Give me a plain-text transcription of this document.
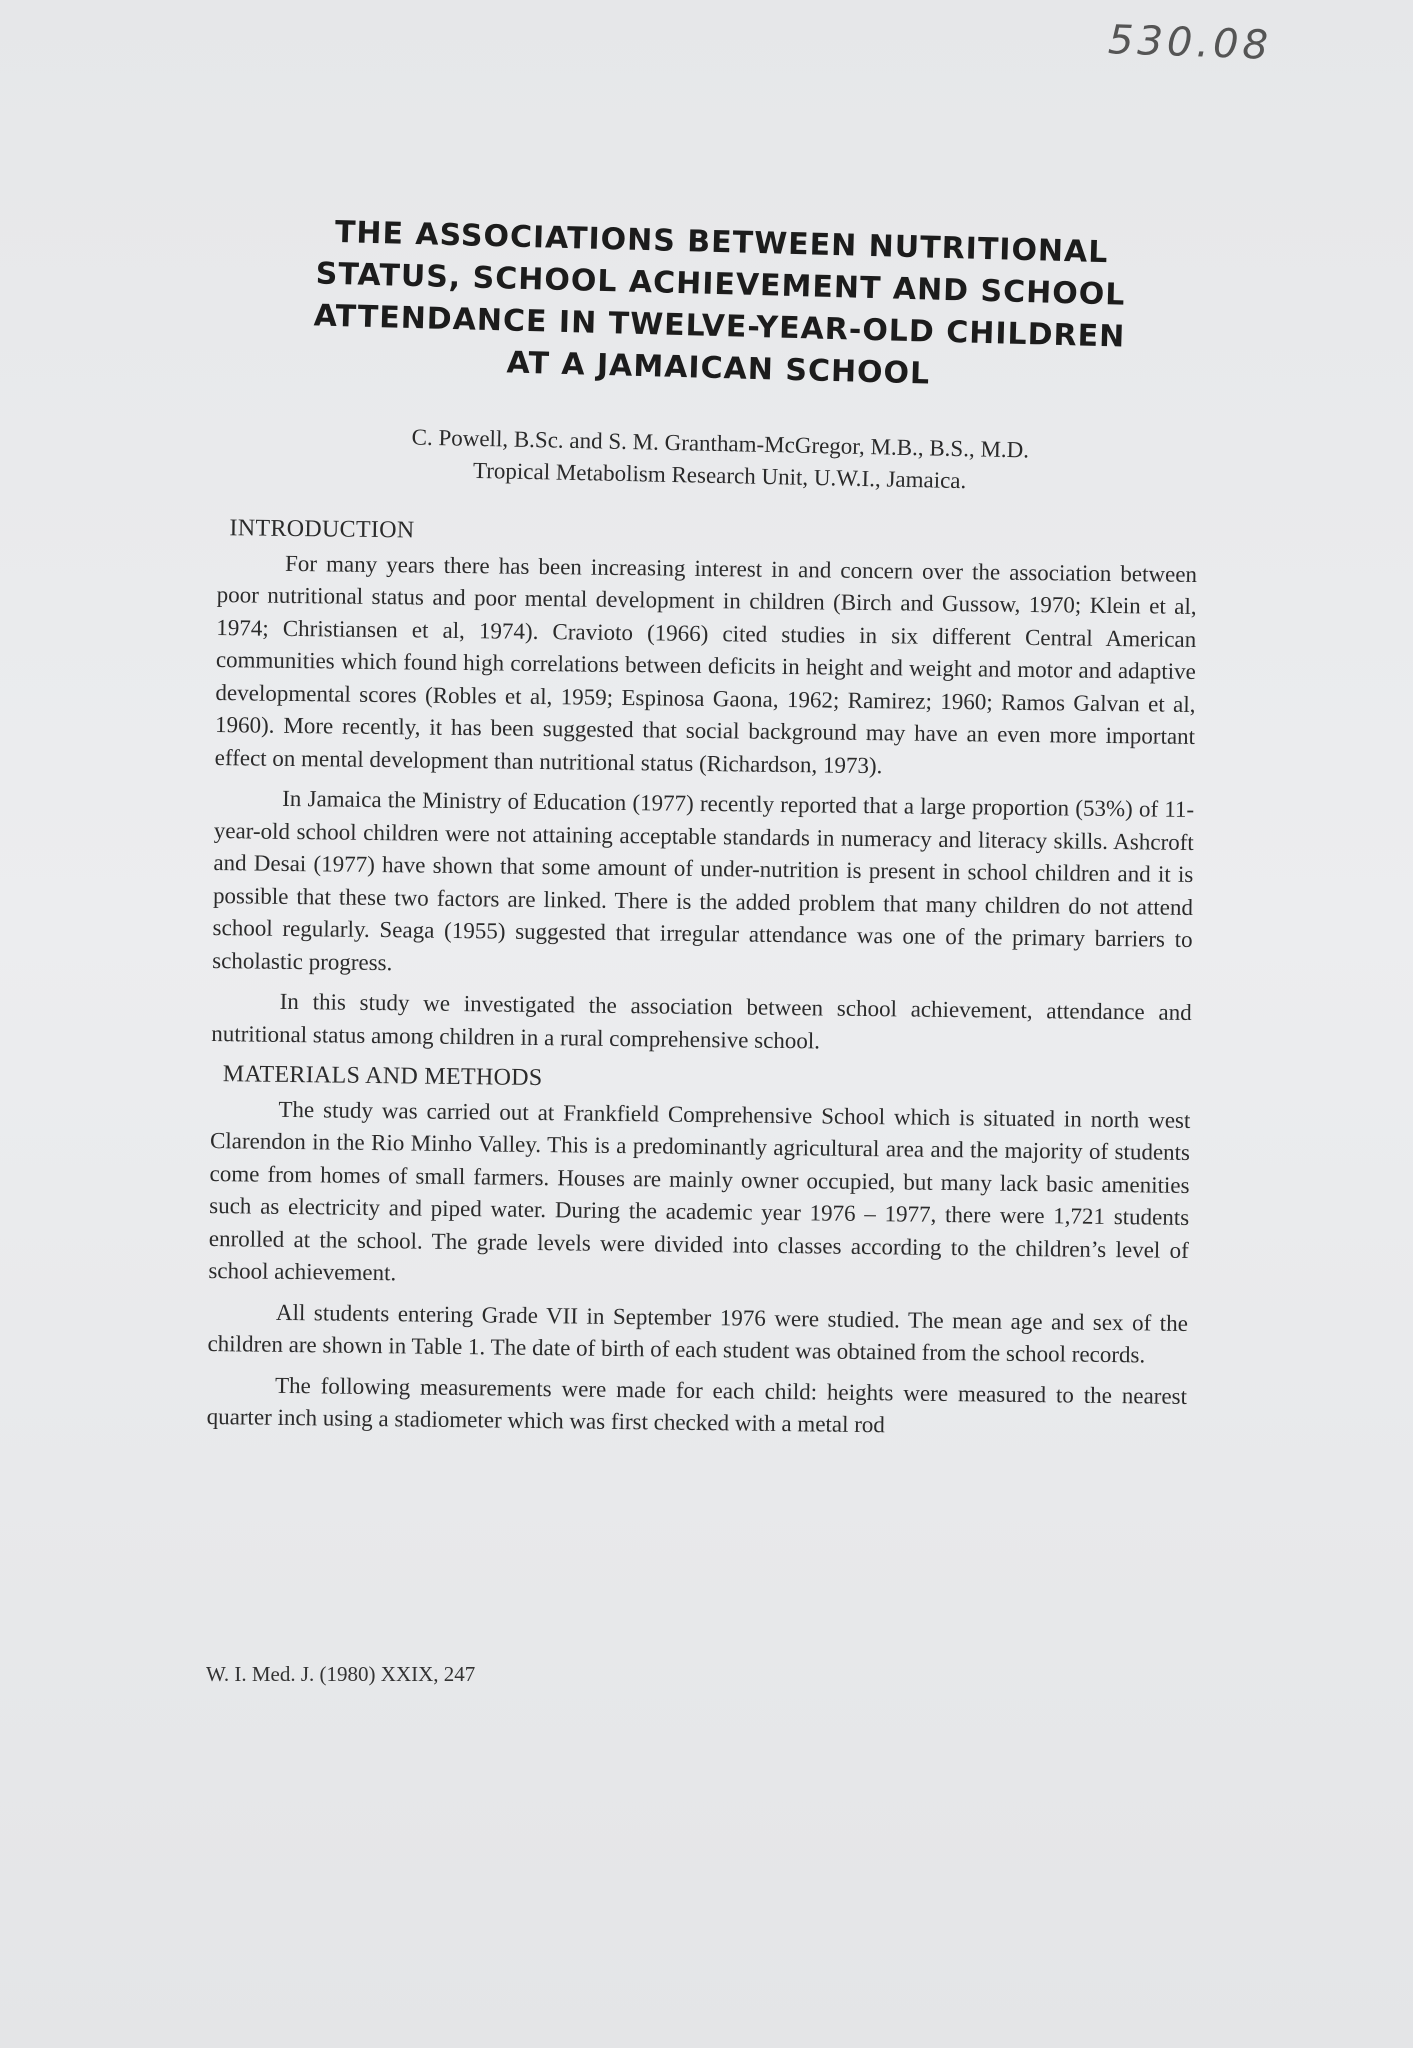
530.08
THE ASSOCIATIONS BETWEEN NUTRITIONAL
STATUS, SCHOOL ACHIEVEMENT AND SCHOOL
ATTENDANCE IN TWELVE-YEAR-OLD CHILDREN
AT A JAMAICAN SCHOOL
C. Powell, B.Sc. and S. M. Grantham-McGregor, M.B., B.S., M.D.
Tropical Metabolism Research Unit, U.W.I., Jamaica.
INTRODUCTION

For many years there has been increasing interest in and concern over the association between poor nutritional status and poor mental development in children (Birch and Gussow, 1970; Klein et al, 1974; Christiansen et al, 1974). Cravioto (1966) cited studies in six different Central American communities which found high correlations between deficits in height and weight and motor and adaptive developmental scores (Robles et al, 1959; Espinosa Gaona, 1962; Ramirez; 1960; Ramos Galvan et al, 1960). More recently, it has been suggested that social background may have an even more important effect on mental development than nutritional status (Richardson, 1973).

In Jamaica the Ministry of Education (1977) recently reported that a large proportion (53%) of 11-year-old school children were not attaining acceptable standards in numeracy and literacy skills. Ashcroft and Desai (1977) have shown that some amount of under-nutrition is present in school children and it is possible that these two factors are linked. There is the added problem that many children do not attend school regularly. Seaga (1955) suggested that irregular attendance was one of the primary barriers to scholastic progress.

In this study we investigated the association between school achievement, attendance and nutritional status among children in a rural comprehensive school.

MATERIALS AND METHODS

The study was carried out at Frankfield Comprehensive School which is situated in north west Clarendon in the Rio Minho Valley. This is a predominantly agricultural area and the majority of students come from homes of small farmers. Houses are mainly owner occupied, but many lack basic amenities such as electricity and piped water. During the academic year 1976 – 1977, there were 1,721 students enrolled at the school. The grade levels were divided into classes according to the children’s level of school achievement.

All students entering Grade VII in September 1976 were studied. The mean age and sex of the children are shown in Table 1. The date of birth of each student was obtained from the school records.

The following measurements were made for each child: heights were measured to the nearest quarter inch using a stadiometer which was first checked with a metal rod

W. I. Med. J. (1980) XXIX, 247
